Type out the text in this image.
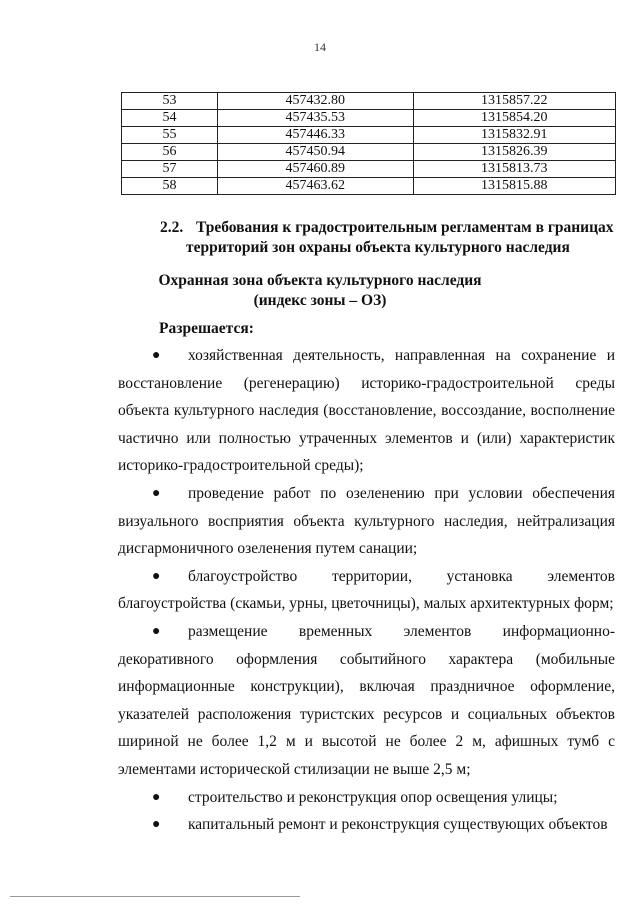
14
53	457432.80	1315857.22
54	457435.53	1315854.20
55	457446.33	1315832.91
56	457450.94	1315826.39
57	457460.89	1315813.73
58	457463.62	1315815.88
2.2. Требования к градостроительным регламентам в границах
территорий зон охраны объекта культурного наследия
Охранная зона объекта культурного наследия
(индекс зоны – ОЗ)
Разрешается:

● хозяйственная деятельность, направленная на сохранение и восстановление (регенерацию) историко-градостроительной среды объекта культурного наследия (восстановление, воссоздание, восполнение частично или полностью утраченных элементов и (или) характеристик историко-градостроительной среды);

● проведение работ по озеленению при условии обеспечения визуального восприятия объекта культурного наследия, нейтрализация дисгармоничного озеленения путем санации;

● благоустройство территории, установка элементов благоустройства (скамьи, урны, цветочницы), малых архитектурных форм;

● размещение временных элементов информационно-декоративного оформления событийного характера (мобильные информационные конструкции), включая праздничное оформление, указателей расположения туристских ресурсов и социальных объектов шириной не более 1,2 м и высотой не более 2 м, афишных тумб с элементами исторической стилизации не выше 2,5 м;

● строительство и реконструкция опор освещения улицы;

● капитальный ремонт и реконструкция существующих объектов
